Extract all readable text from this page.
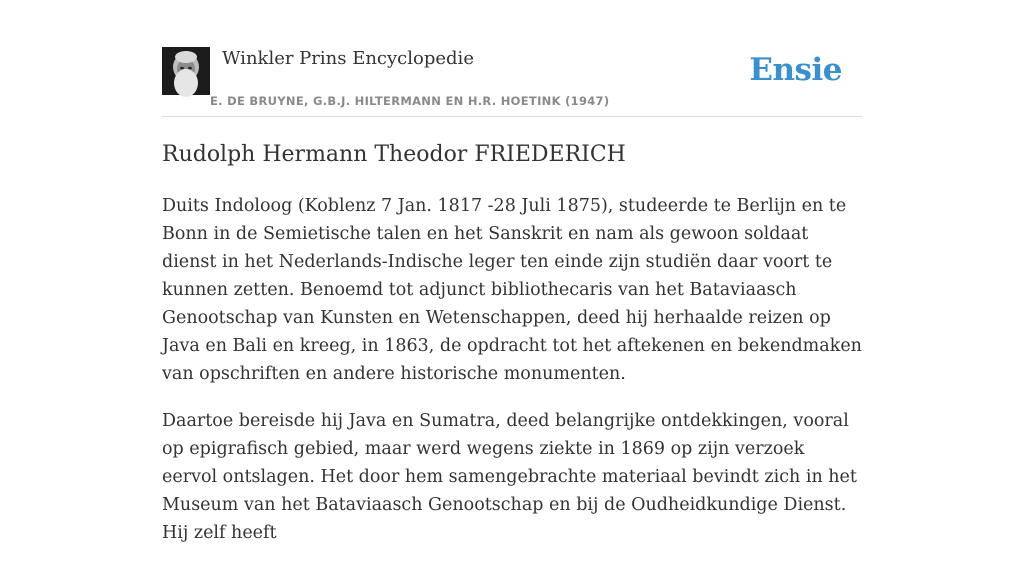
Winkler Prins Encyclopedie
E. DE BRUYNE, G.B.J. HILTERMANN EN H.R. HOETINK (1947)
Ensie
Rudolph Hermann Theodor FRIEDERICH

Duits Indoloog (Koblenz 7 Jan. 1817 -28 Juli 1875), studeerde te Berlijn en te Bonn in de Semietische talen en het Sanskrit en nam als gewoon soldaat dienst in het Nederlands-Indische leger ten einde zijn studiën daar voort te kunnen zetten. Benoemd tot adjunct bibliothecaris van het Bataviaasch Genootschap van Kunsten en Wetenschappen, deed hij herhaalde reizen op Java en Bali en kreeg, in 1863, de opdracht tot het aftekenen en bekendmaken van opschriften en andere historische monumenten.

Daartoe bereisde hij Java en Sumatra, deed belangrijke ontdekkingen, vooral op epigrafisch gebied, maar werd wegens ziekte in 1869 op zijn verzoek eervol ontslagen. Het door hem samengebrachte materiaal bevindt zich in het Museum van het Bataviaasch Genootschap en bij de Oudheidkundige Dienst. Hij zelf heeft
